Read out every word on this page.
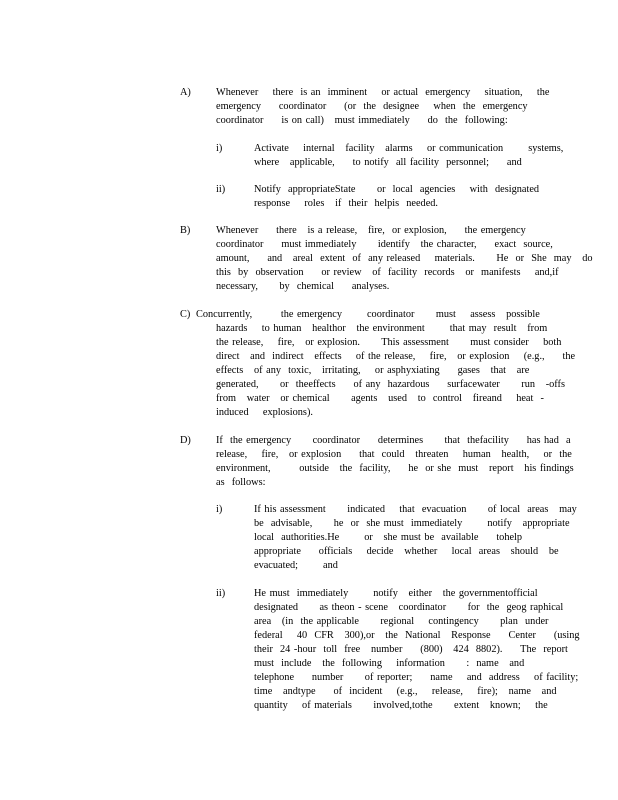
A) Whenever    there  is an  imminent    or actual  emergency    situation,    the

emergency     coordinator     (or  the  designee    when  the  emergency

coordinator     is on call)   must immediately     do  the  following:

i)	Activate    internal   facility   alarms    or communication       systems,

where   applicable,     to notify  all facility  personnel;     and

ii)	Notify  appropriateState      or  local  agencies    with  designated

response    roles   if  their  helpis  needed.

B) Whenever     there   is a release,   fire,  or explosion,     the emergency

coordinator     must immediately      identify   the character,     exact  source,

amount,     and   areal  extent  of  any released    materials.      He  or  She  may   do

this  by  observation     or review   of  facility  records   or  manifests    and,if

necessary,      by  chemical     analyses.

C) Concurrently,        the emergency       coordinator      must    assess   possible

hazards    to human   healthor   the environment       that may  result   from

the release,    fire,   or explosion.      This assessment      must consider    both

direct   and  indirect   effects    of the release,    fire,   or explosion    (e.g.,     the

effects   of any  toxic,   irritating,    or asphyxiating     gases   that   are

generated,      or  theeffects     of any  hazardous     surfacewater      run   -offs

from   water   or chemical      agents   used   to  control   fireand    heat  -

induced    explosions).

D) If  the emergency      coordinator     determines      that  thefacility     has had  a

release,    fire,   or explosion     that  could   threaten    human   health,    or  the

environment,        outside   the  facility,     he  or she  must   report   his findings

as  follows:

i)	If his assessment      indicated    that  evacuation      of local  areas   may

be  advisable,      he  or  she must  immediately       notify   appropriate

local  authorities.He       or   she must be  available     tohelp

appropriate     officials    decide   whether    local  areas   should   be

evacuated;       and

ii)	He must  immediately       notify   either   the governmentofficial

designated      as theon - scene   coordinator      for  the  geog raphical

area   (in  the applicable      regional    contingency      plan  under

federal    40  CFR   300),or   the  National   Response     Center     (using

their  24 -hour  toll  free   number     (800)   424  8802).     The  report

must  include   the  following    information      :  name   and

telephone     number      of reporter;     name    and  address    of facility;

time   andtype     of  incident    (e.g.,    release,    fire);   name   and

quantity    of materials      involved,tothe      extent   known;    the
